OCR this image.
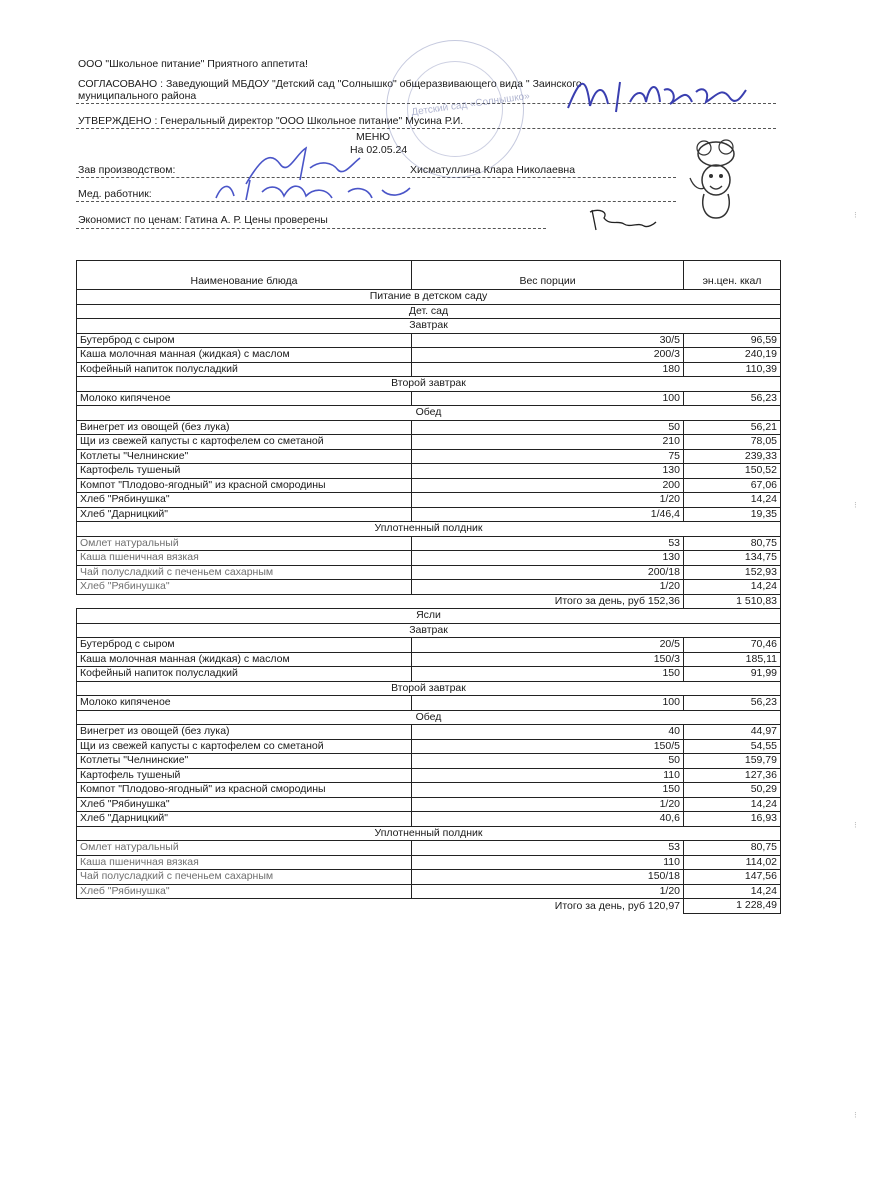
ООО "Школьное питание" Приятного аппетита!
СОГЛАСОВАНО : Заведующий МБДОУ "Детский сад "Солнышко" общеразвивающего вида " Заинского
муниципального района
УТВЕРЖДЕНО : Генеральный директор "ООО Школьное питание" Мусина Р.И.
МЕНЮ
На 02.05.24
Зав производством:	Хисматуллина Клара Николаевна
Мед. работник:
Экономист по ценам: Гатина А. Р. Цены проверены
Детский сад «Солнышко»
Наименование блюда	Вес порции	эн.цен. ккал
Питание в детском саду		
Дет. сад		
Завтрак		
Бутерброд с сыром	30/5	96,59
Каша молочная манная (жидкая) с маслом	200/3	240,19
Кофейный напиток полусладкий	180	110,39
Второй завтрак		
Молоко кипяченое	100	56,23
Обед		
Винегрет из овощей (без лука)	50	56,21
Щи из свежей капусты с картофелем со сметаной	210	78,05
Котлеты "Челнинские"	75	239,33
Картофель тушеный	130	150,52
Компот "Плодово-ягодный" из красной смородины	200	67,06
Хлеб "Рябинушка"	1/20	14,24
Хлеб "Дарницкий"	1/46,4	19,35
Уплотненный полдник		
Омлет натуральный	53	80,75
Каша пшеничная вязкая	130	134,75
Чай полусладкий с печеньем сахарным	200/18	152,93
Хлеб "Рябинушка"	1/20	14,24
Итого за день, руб 152,36		1 510,83
Ясли		
Завтрак		
Бутерброд с сыром	20/5	70,46
Каша молочная манная (жидкая) с маслом	150/3	185,11
Кофейный напиток полусладкий	150	91,99
Второй завтрак		
Молоко кипяченое	100	56,23
Обед		
Винегрет из овощей (без лука)	40	44,97
Щи из свежей капусты с картофелем со сметаной	150/5	54,55
Котлеты "Челнинские"	50	159,79
Картофель тушеный	110	127,36
Компот "Плодово-ягодный" из красной смородины	150	50,29
Хлеб "Рябинушка"	1/20	14,24
Хлеб "Дарницкий"	40,6	16,93
Уплотненный полдник		
Омлет натуральный	53	80,75
Каша пшеничная вязкая	110	114,02
Чай полусладкий с печеньем сахарным	150/18	147,56
Хлеб "Рябинушка"	1/20	14,24
Итого за день, руб 120,97		1 228,49
⁝
⁝
⁝
⁝
